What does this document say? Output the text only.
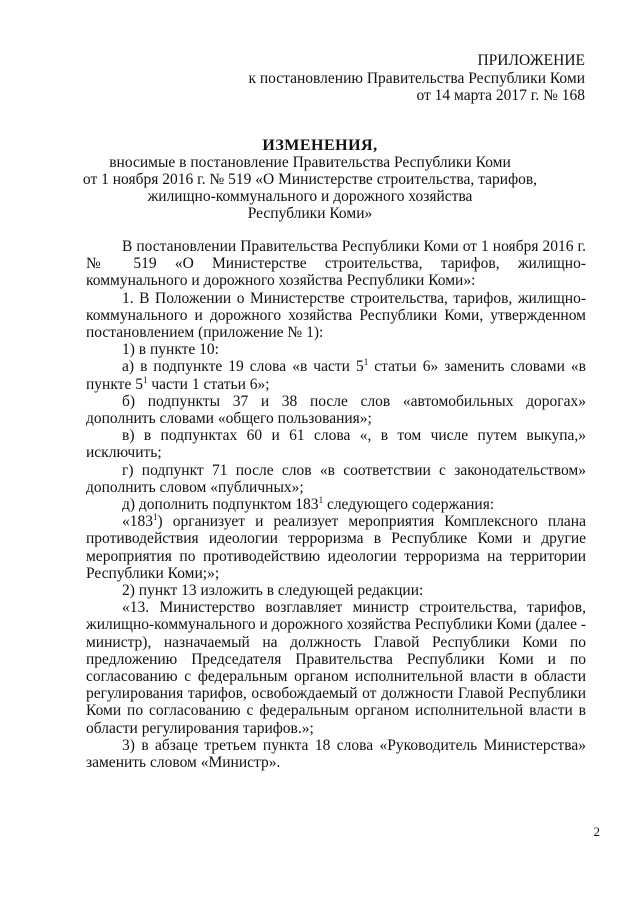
ПРИЛОЖЕНИЕ
к постановлению Правительства Республики Коми
от 14 марта 2017 г. № 168
ИЗМЕНЕНИЯ,
вносимые в постановление Правительства Республики Коми
от 1 ноября 2016 г. № 519 «О Министерстве строительства, тарифов,
жилищно-коммунального и дорожного хозяйства
Республики Коми»

В постановлении Правительства Республики Коми от 1 ноября 2016 г. № 519 «О Министерстве строительства, тарифов, жилищно-коммунального и дорожного хозяйства Республики Коми»:

1. В Положении о Министерстве строительства, тарифов, жилищно-коммунального и дорожного хозяйства Республики Коми, утвержденном постановлением (приложение № 1):

1) в пункте 10:

а) в подпункте 19 слова «в части $5^1$ статьи 6» заменить словами «в пункте $5^1$ части 1 статьи 6»;

б) подпункты 37 и 38 после слов «автомобильных дорогах» дополнить словами «общего пользования»;

в) в подпунктах 60 и 61 слова «, в том числе путем выкупа,» исключить;

г) подпункт 71 после слов «в соответствии с законодательством» дополнить словом «публичных»;

д) дополнить подпунктом $183^1$ следующего содержания:

«$183^1$) организует и реализует мероприятия Комплексного плана противодействия идеологии терроризма в Республике Коми и другие мероприятия по противодействию идеологии терроризма на территории Республики Коми;»;

2) пункт 13 изложить в следующей редакции:

«13. Министерство возглавляет министр строительства, тарифов, жилищно-коммунального и дорожного хозяйства Республики Коми (далее - министр), назначаемый на должность Главой Республики Коми по предложению Председателя Правительства Республики Коми и по согласованию с федеральным органом исполнительной власти в области регулирования тарифов, освобождаемый от должности Главой Республики Коми по согласованию с федеральным органом исполнительной власти в области регулирования тарифов.»;

3) в абзаце третьем пункта 18 слова «Руководитель Министерства» заменить словом «Министр».

2
